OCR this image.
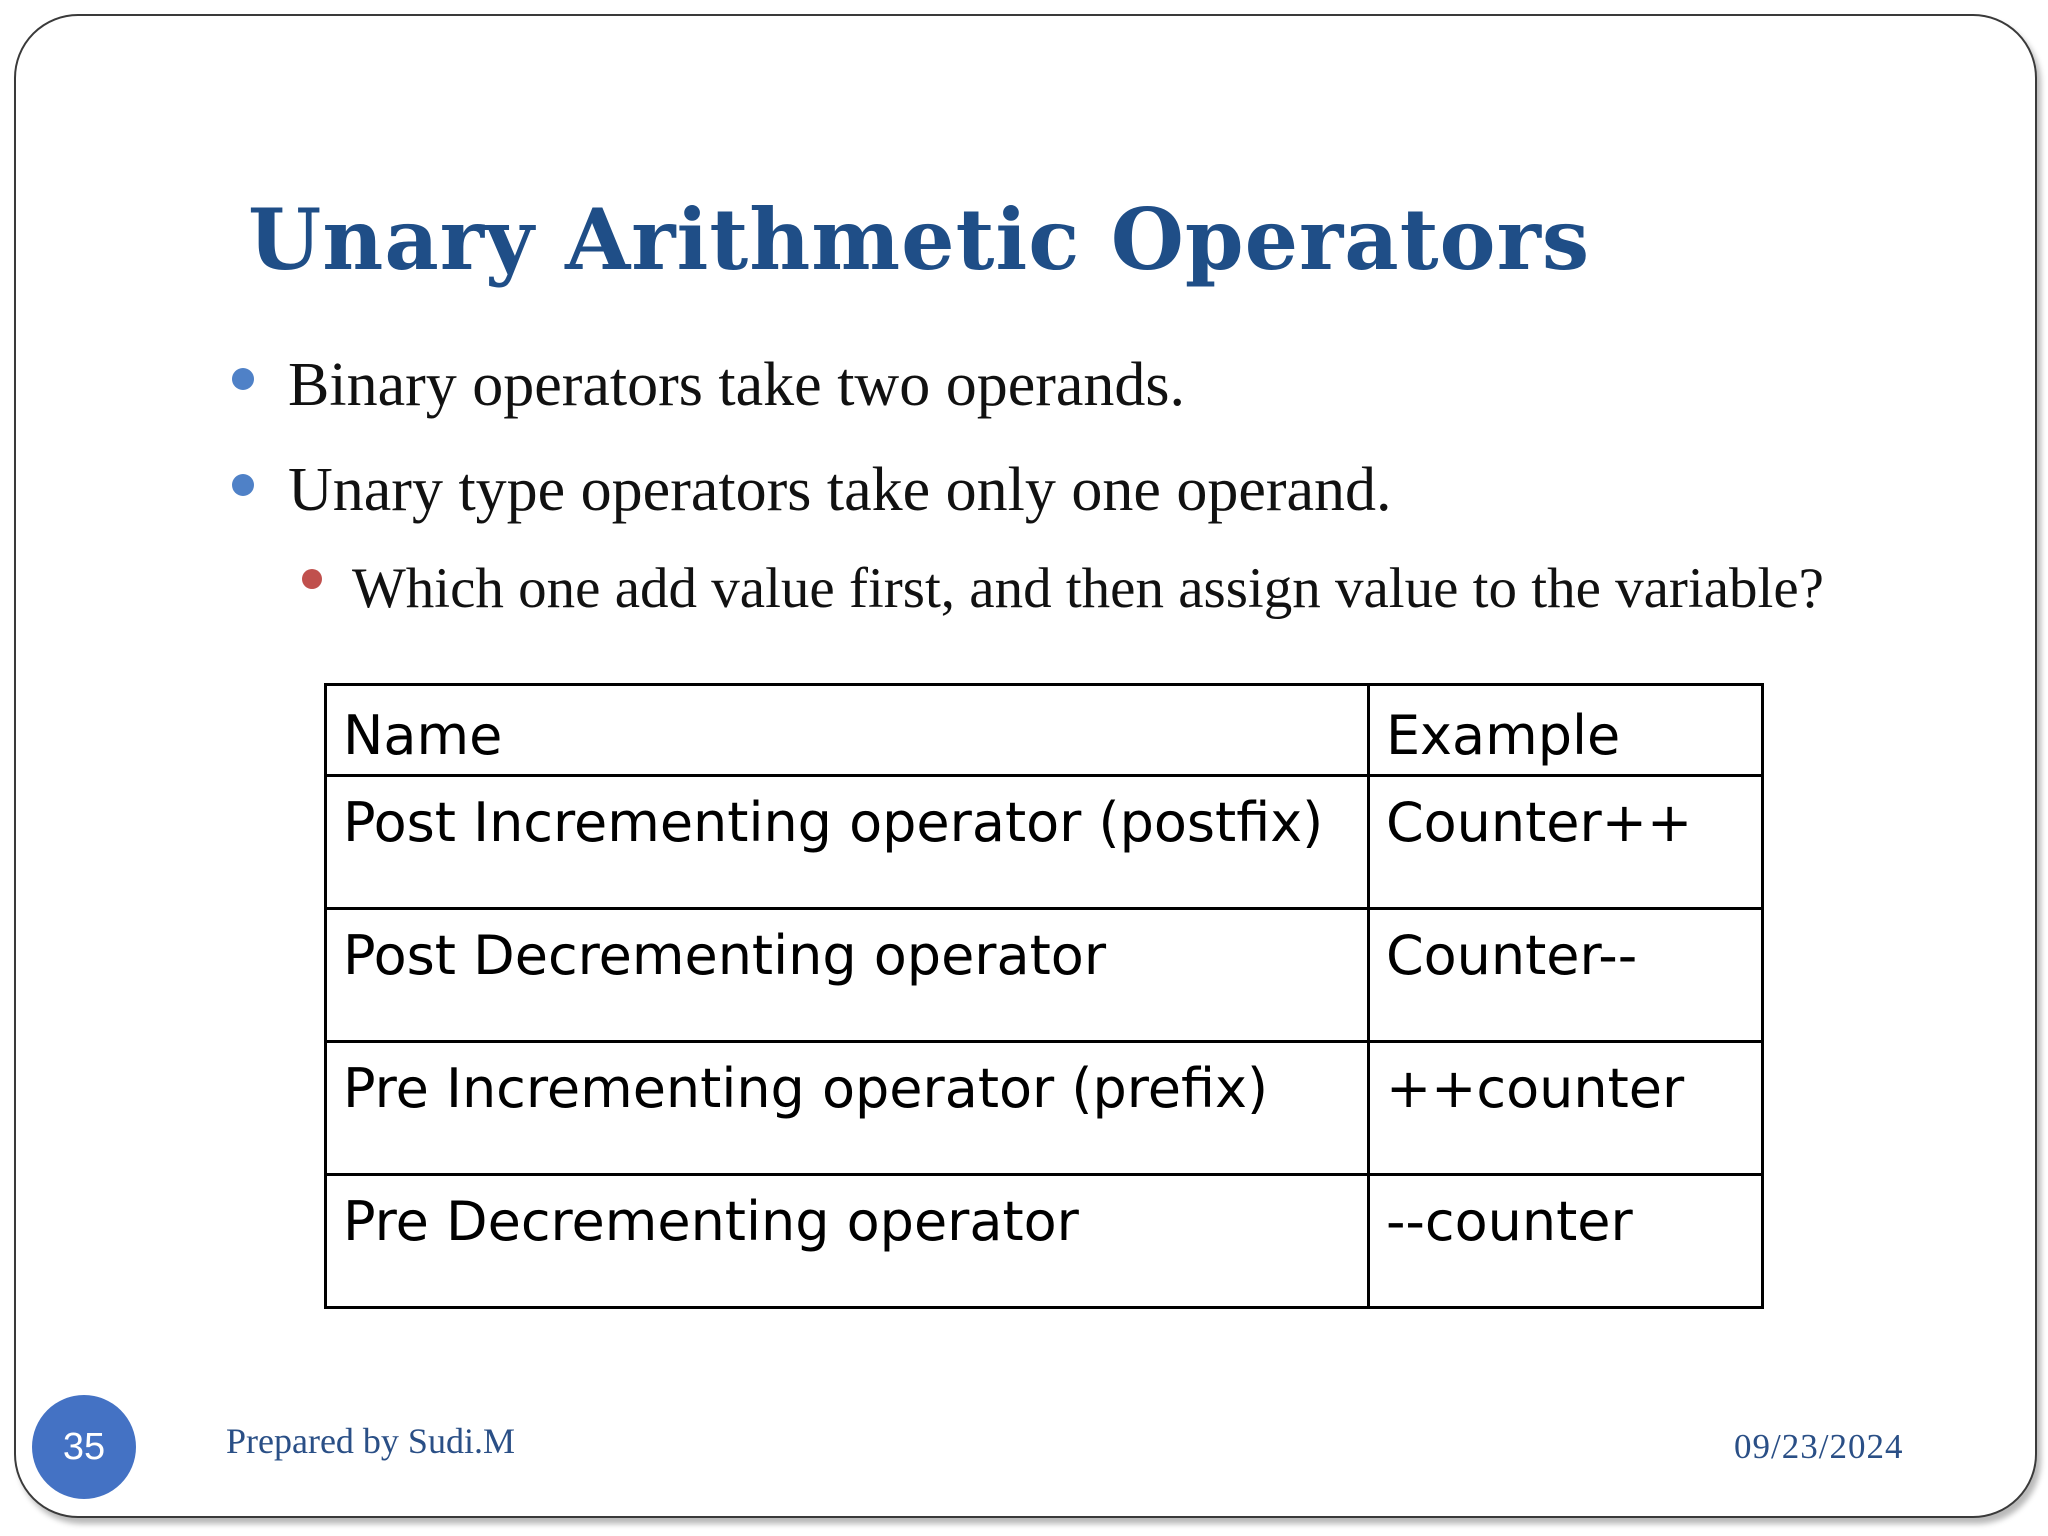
Unary Arithmetic Operators
Binary operators take two operands.
Unary type operators take only one operand.
Which one add value first, and then assign value to the variable?
Name	Example
Post Incrementing operator (postfix)	Counter++
Post Decrementing operator	Counter--
Pre Incrementing operator (prefix)	++counter
Pre Decrementing operator	--counter
35	Prepared by Sudi.M	09/23/2024
